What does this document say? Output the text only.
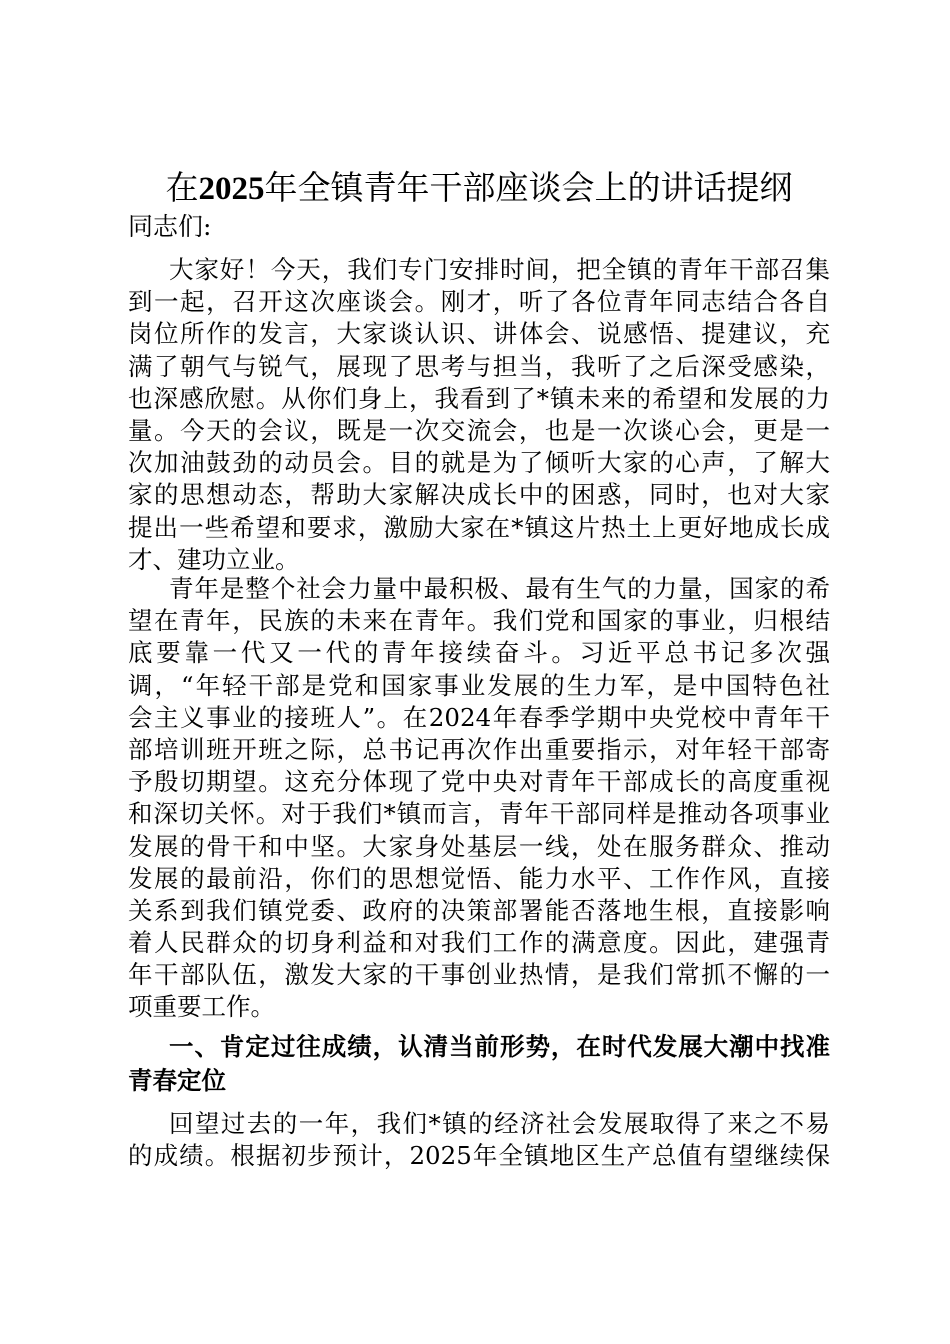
在2025年全镇青年干部座谈会上的讲话提纲
同志们:
大家好！今天，我们专门安排时间，把全镇的青年干部召集
到一起，召开这次座谈会。刚才，听了各位青年同志结合各自
岗位所作的发言，大家谈认识、讲体会、说感悟、提建议，充
满了朝气与锐气，展现了思考与担当，我听了之后深受感染，
也深感欣慰。从你们身上，我看到了*镇未来的希望和发展的力
量。今天的会议，既是一次交流会，也是一次谈心会，更是一
次加油鼓劲的动员会。目的就是为了倾听大家的心声，了解大
家的思想动态，帮助大家解决成长中的困惑，同时，也对大家
提出一些希望和要求，激励大家在*镇这片热土上更好地成长成
才、建功立业。
青年是整个社会力量中最积极、最有生气的力量，国家的希
望在青年，民族的未来在青年。我们党和国家的事业，归根结
底要靠一代又一代的青年接续奋斗。习近平总书记多次强
调，“年轻干部是党和国家事业发展的生力军，是中国特色社
会主义事业的接班人”。在2024年春季学期中央党校中青年干
部培训班开班之际，总书记再次作出重要指示，对年轻干部寄
予殷切期望。这充分体现了党中央对青年干部成长的高度重视
和深切关怀。对于我们*镇而言，青年干部同样是推动各项事业
发展的骨干和中坚。大家身处基层一线，处在服务群众、推动
发展的最前沿，你们的思想觉悟、能力水平、工作作风，直接
关系到我们镇党委、政府的决策部署能否落地生根，直接影响
着人民群众的切身利益和对我们工作的满意度。因此，建强青
年干部队伍，激发大家的干事创业热情，是我们常抓不懈的一
项重要工作。
一、肯定过往成绩，认清当前形势，在时代发展大潮中找准
青春定位
回望过去的一年，我们*镇的经济社会发展取得了来之不易
的成绩。根据初步预计，2025年全镇地区生产总值有望继续保
